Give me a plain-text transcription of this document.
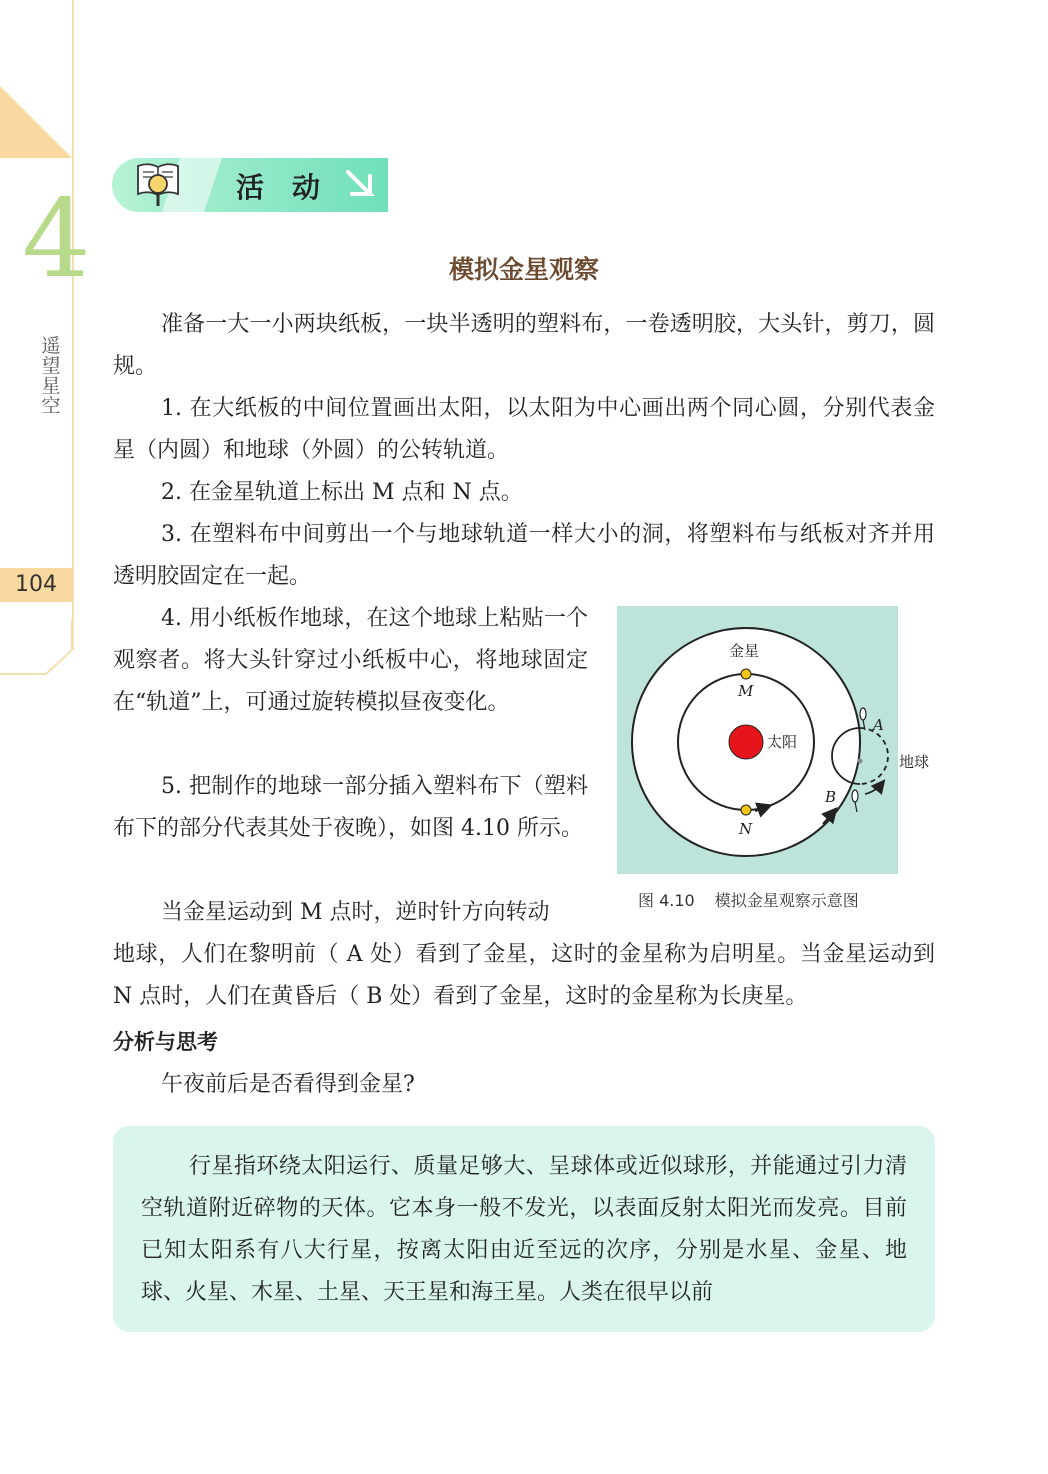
4
遥望星空
104
活动
模拟金星观察

准备一大一小两块纸板，一块半透明的塑料布，一卷透明胶，大头针，剪刀，圆规。

1. 在大纸板的中间位置画出太阳，以太阳为中心画出两个同心圆，分别代表金星（内圆）和地球（外圆）的公转轨道。

2. 在金星轨道上标出 M 点和 N 点。

3. 在塑料布中间剪出一个与地球轨道一样大小的洞，将塑料布与纸板对齐并用透明胶固定在一起。

4. 用小纸板作地球，在这个地球上粘贴一个观察者。将大头针穿过小纸板中心，将地球固定在“轨道”上，可通过旋转模拟昼夜变化。

5. 把制作的地球一部分插入塑料布下（塑料布下的部分代表其处于夜晚），如图 4.10 所示。

当金星运动到 M 点时，逆时针方向转动

地球，人们在黎明前（ A 处）看到了金星，这时的金星称为启明星。当金星运动到 N 点时，人们在黄昏后（ B 处）看到了金星，这时的金星称为长庚星。

分析与思考

午夜前后是否看得到金星?

金星
M
N
太阳
A
B
地球
图 4.10 模拟金星观察示意图

行星指环绕太阳运行、质量足够大、呈球体或近似球形，并能通过引力清空轨道附近碎物的天体。它本身一般不发光，以表面反射太阳光而发亮。目前已知太阳系有八大行星，按离太阳由近至远的次序，分别是水星、金星、地球、火星、木星、土星、天王星和海王星。人类在很早以前
